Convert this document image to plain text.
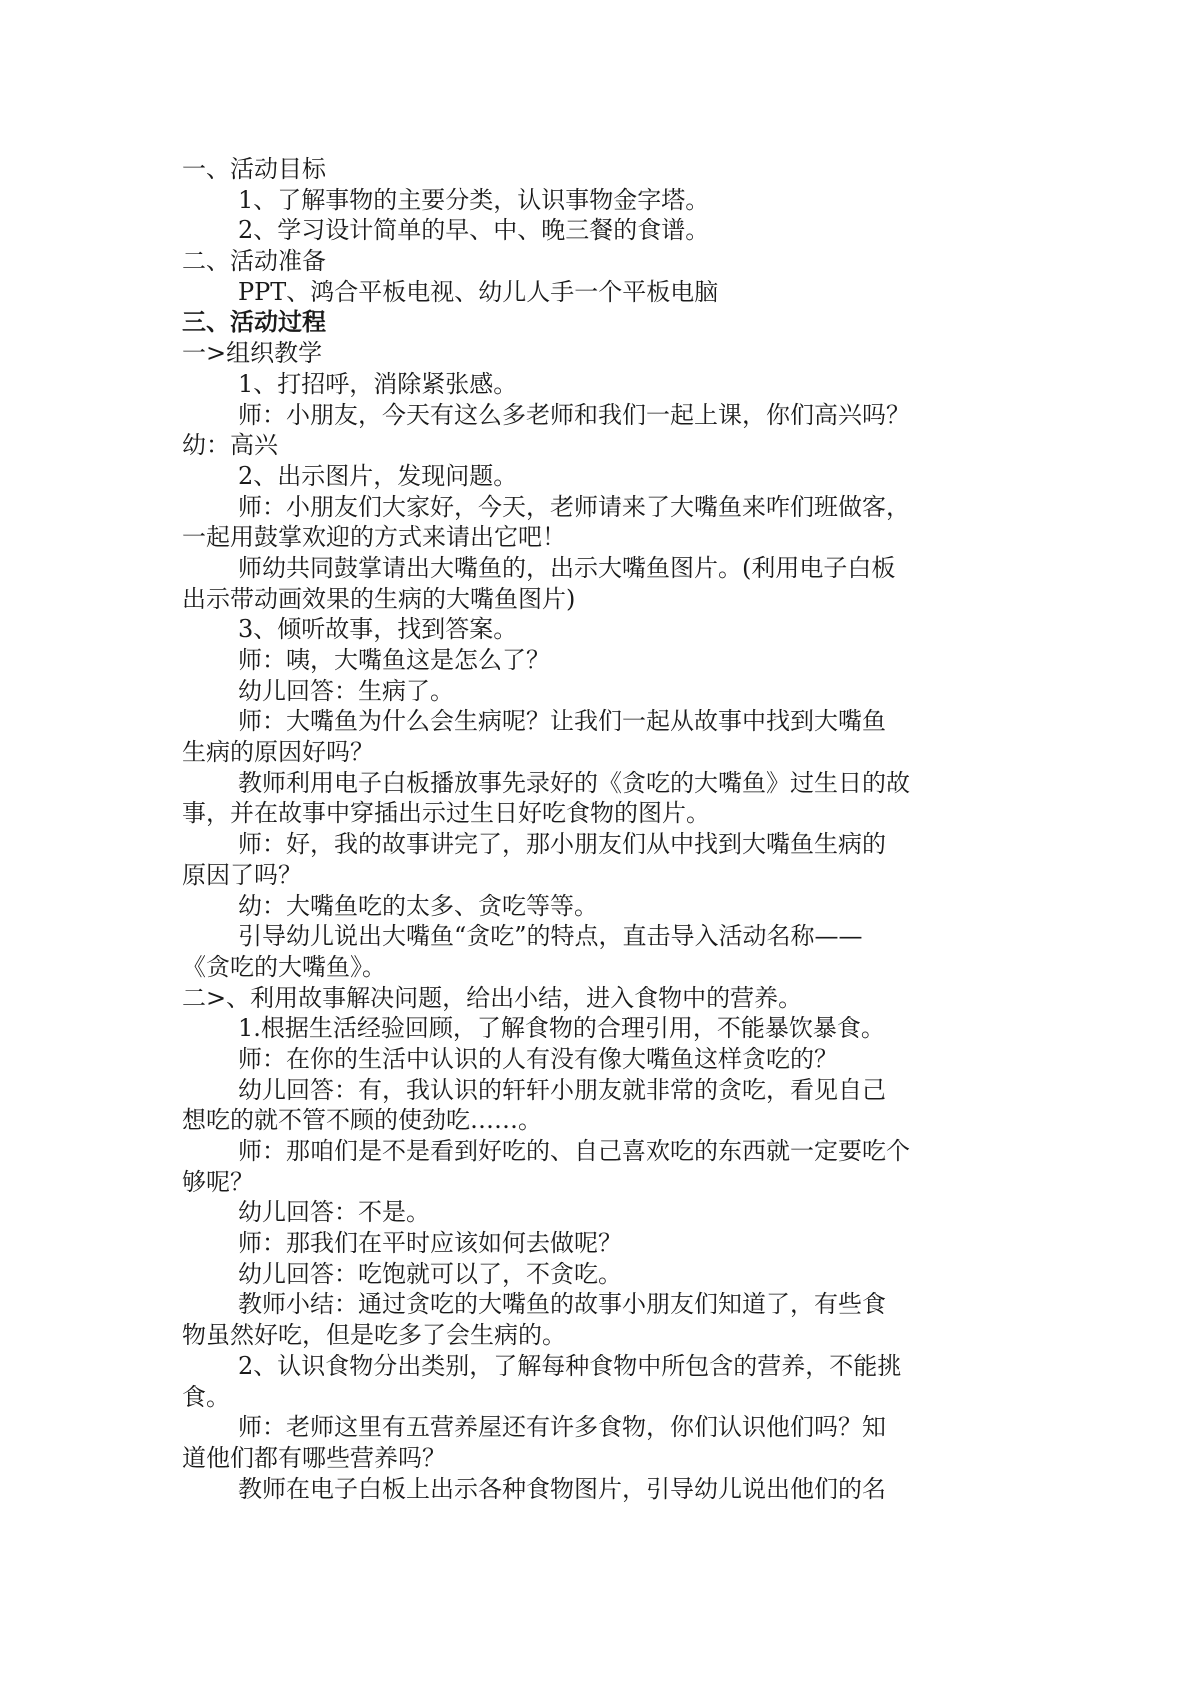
一、活动目标
1、了解事物的主要分类，认识事物金字塔。
2、学习设计简单的早、中、晚三餐的食谱。
二、活动准备
PPT、鸿合平板电视、幼儿人手一个平板电脑
三、活动过程
一>组织教学
1、打招呼，消除紧张感。
师：小朋友，今天有这么多老师和我们一起上课，你们高兴吗？
幼：高兴
2、出示图片，发现问题。
师：小朋友们大家好，今天，老师请来了大嘴鱼来咋们班做客，
一起用鼓掌欢迎的方式来请出它吧！
师幼共同鼓掌请出大嘴鱼的，出示大嘴鱼图片。(利用电子白板
出示带动画效果的生病的大嘴鱼图片)
3、倾听故事，找到答案。
师：咦，大嘴鱼这是怎么了？
幼儿回答：生病了。
师：大嘴鱼为什么会生病呢？让我们一起从故事中找到大嘴鱼
生病的原因好吗？
教师利用电子白板播放事先录好的《贪吃的大嘴鱼》过生日的故
事，并在故事中穿插出示过生日好吃食物的图片。
师：好，我的故事讲完了，那小朋友们从中找到大嘴鱼生病的
原因了吗？
幼：大嘴鱼吃的太多、贪吃等等。
引导幼儿说出大嘴鱼“贪吃”的特点，直击导入活动名称——
《贪吃的大嘴鱼》。
二>、利用故事解决问题，给出小结，进入食物中的营养。
1.根据生活经验回顾，了解食物的合理引用，不能暴饮暴食。
师：在你的生活中认识的人有没有像大嘴鱼这样贪吃的？
幼儿回答：有，我认识的轩轩小朋友就非常的贪吃，看见自己
想吃的就不管不顾的使劲吃……。
师：那咱们是不是看到好吃的、自己喜欢吃的东西就一定要吃个
够呢？
幼儿回答：不是。
师：那我们在平时应该如何去做呢？
幼儿回答：吃饱就可以了，不贪吃。
教师小结：通过贪吃的大嘴鱼的故事小朋友们知道了，有些食
物虽然好吃，但是吃多了会生病的。
2、认识食物分出类别，了解每种食物中所包含的营养，不能挑
食。
师：老师这里有五营养屋还有许多食物，你们认识他们吗？知
道他们都有哪些营养吗？
教师在电子白板上出示各种食物图片，引导幼儿说出他们的名
